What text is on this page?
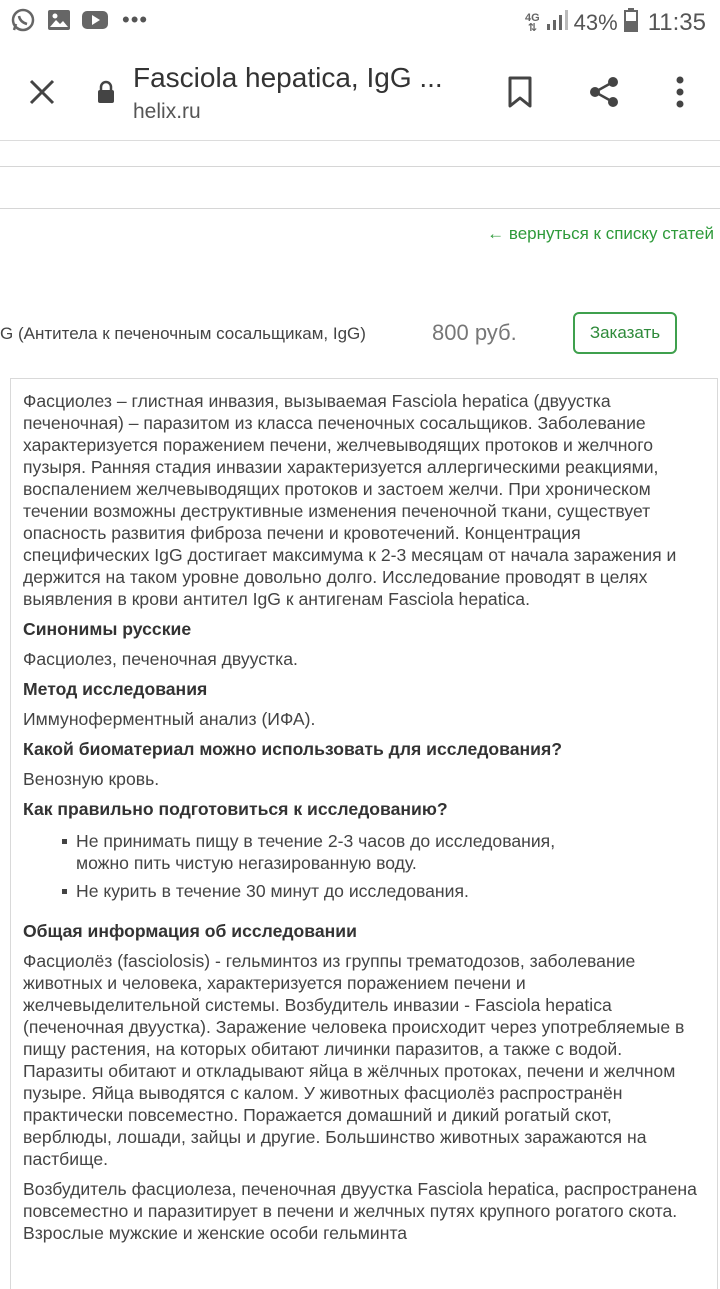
•••	4G
⇅ 43% 11:35
Fasciola hepatica, IgG ...
helix.ru
← вернуться к списку статей
G (Антитела к печеночным сосальщикам, IgG)	800 руб.	Заказать

Фасциолез – глистная инвазия, вызываемая Fasciola hepatica (двуустка печеночная) – паразитом из класса печеночных сосальщиков. Заболевание характеризуется поражением печени, желчевыводящих протоков и желчного пузыря. Ранняя стадия инвазии характеризуется аллергическими реакциями, воспалением желчевыводящих протоков и застоем желчи. При хроническом течении возможны деструктивные изменения печеночной ткани, существует опасность развития фиброза печени и кровотечений. Концентрация специфических IgG достигает максимума к 2-3 месяцам от начала заражения и держится на таком уровне довольно долго. Исследование проводят в целях выявления в крови антител IgG к антигенам Fasciola hepatica.

Синонимы русские

Фасциолез, печеночная двуустка.

Метод исследования

Иммуноферментный анализ (ИФА).

Какой биоматериал можно использовать для исследования?

Венозную кровь.

Как правильно подготовиться к исследованию?
Не принимать пищу в течение 2-3 часов до исследования, можно пить чистую негазированную воду.
Не курить в течение 30 минут до исследования.
Общая информация об исследовании

Фасциолёз (fasciolosis) - гельминтоз из группы трематодозов, заболевание животных и человека, характеризуется поражением печени и желчевыделительной системы. Возбудитель инвазии - Fasciola hepatica (печеночная двуустка). Заражение человека происходит через употребляемые в пищу растения, на которых обитают личинки паразитов, а также с водой. Паразиты обитают и откладывают яйца в жёлчных протоках, печени и желчном пузыре. Яйца выводятся с калом. У животных фасциолёз распространён практически повсеместно. Поражается домашний и дикий рогатый скот, верблюды, лошади, зайцы и другие. Большинство животных заражаются на пастбище.

Возбудитель фасциолеза, печеночная двуустка Fasciola hepatica, распространена повсеместно и паразитирует в печени и желчных путях крупного рогатого скота. Взрослые мужские и женские особи гельминта
